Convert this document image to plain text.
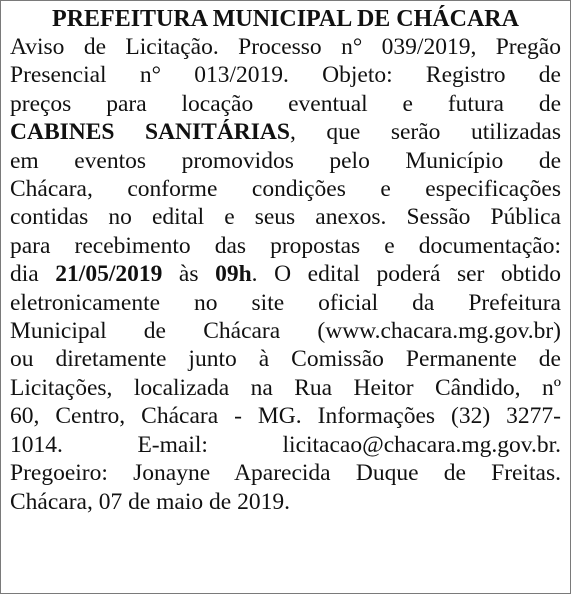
PREFEITURA MUNICIPAL DE CHÁCARA
Aviso de Licitação. Processo n° 039/2019, Pregão
Presencial n° 013/2019. Objeto: Registro de
preços para locação eventual e futura de
CABINES SANITÁRIAS, que serão utilizadas
em eventos promovidos pelo Município de
Chácara, conforme condições e especificações
contidas no edital e seus anexos. Sessão Pública
para recebimento das propostas e documentação:
dia 21/05/2019 às 09h. O edital poderá ser obtido
eletronicamente no site oficial da Prefeitura
Municipal de Chácara (www.chacara.mg.gov.br)
ou diretamente junto à Comissão Permanente de
Licitações, localizada na Rua Heitor Cândido, nº
60, Centro, Chácara - MG. Informações (32) 3277-
1014. E-mail: licitacao@chacara.mg.gov.br.
Pregoeiro: Jonayne Aparecida Duque de Freitas.
Chácara, 07 de maio de 2019.
